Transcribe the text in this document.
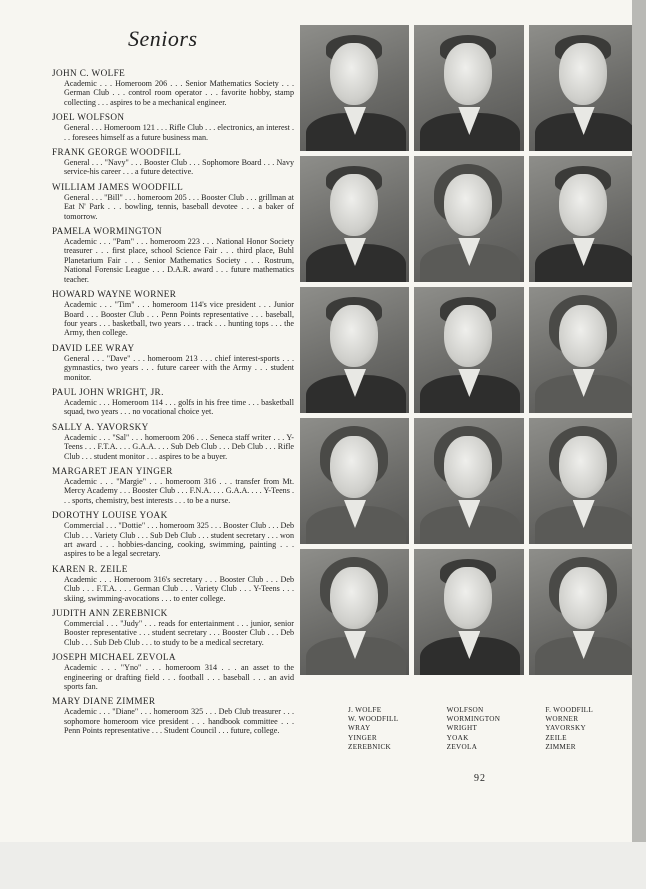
Seniors
JOHN C. WOLFE
Academic . . . Homeroom 206 . . . Senior Mathematics Society . . . German Club . . . control room operator . . . favorite hobby, stamp collecting . . . aspires to be a mechanical engineer.
JOEL WOLFSON
General . . . Homeroom 121 . . . Rifle Club . . . electronics, an interest . . . foresees himself as a future business man.
FRANK GEORGE WOODFILL
General . . . "Navy" . . . Booster Club . . . Sophomore Board . . . Navy service-his career . . . a future detective.
WILLIAM JAMES WOODFILL
General . . . "Bill" . . . homeroom 205 . . . Booster Club . . . grillman at Eat N' Park . . . bowling, tennis, baseball devotee . . . a baker of tomorrow.
PAMELA WORMINGTON
Academic . . . "Pam" . . . homeroom 223 . . . National Honor Society treasurer . . . first place, school Science Fair . . . third place, Buhl Planetarium Fair . . . Senior Mathematics Society . . . Rostrum, National Forensic League . . . D.A.R. award . . . future mathematics teacher.
HOWARD WAYNE WORNER
Academic . . . "Tim" . . . homeroom 114's vice president . . . Junior Board . . . Booster Club . . . Penn Points representative . . . baseball, four years . . . basketball, two years . . . track . . . hunting tops . . . the Army, then college.
DAVID LEE WRAY
General . . . "Dave" . . . homeroom 213 . . . chief interest-sports . . . gymnastics, two years . . . future career with the Army . . . student monitor.
PAUL JOHN WRIGHT, JR.
Academic . . . Homeroom 114 . . . golfs in his free time . . . basketball squad, two years . . . no vocational choice yet.
SALLY A. YAVORSKY
Academic . . . "Sal" . . . homeroom 206 . . . Seneca staff writer . . . Y-Teens . . . F.T.A. . . . G.A.A. . . . Sub Deb Club . . . Deb Club . . . Rifle Club . . . student monitor . . . aspires to be a buyer.
MARGARET JEAN YINGER
Academic . . . "Margie" . . . homeroom 316 . . . transfer from Mt. Mercy Academy . . . Booster Club . . . F.N.A. . . . G.A.A. . . . Y-Teens . . . sports, chemistry, best interests . . . to be a nurse.
DOROTHY LOUISE YOAK
Commercial . . . "Dottie" . . . homeroom 325 . . . Booster Club . . . Deb Club . . . Variety Club . . . Sub Deb Club . . . student secretary . . . won art award . . . hobbies-dancing, cooking, swimming, painting . . . aspires to be a legal secretary.
KAREN R. ZEILE
Academic . . . Homeroom 316's secretary . . . Booster Club . . . Deb Club . . . F.T.A. . . . German Club . . . Variety Club . . . Y-Teens . . . skiing, swimming-avocations . . . to enter college.
JUDITH ANN ZEREBNICK
Commercial . . . "Judy" . . . reads for entertainment . . . junior, senior Booster representative . . . student secretary . . . Booster Club . . . Deb Club . . . Sub Deb Club . . . to study to be a medical secretary.
JOSEPH MICHAEL ZEVOLA
Academic . . . "Yno" . . . homeroom 314 . . . an asset to the engineering or drafting field . . . football . . . baseball . . . an avid sports fan.
MARY DIANE ZIMMER
Academic . . . "Diane" . . . homeroom 325 . . . Deb Club treasurer . . . sophomore homeroom vice president . . . handbook committee . . . Penn Points representative . . . Student Council . . . future, college.
J. WOLFE
W. WOODFILL
WRAY
YINGER
ZEREBNICK
WOLFSON
WORMINGTON
WRIGHT
YOAK
ZEVOLA
F. WOODFILL
WORNER
YAVORSKY
ZEILE
ZIMMER
92
